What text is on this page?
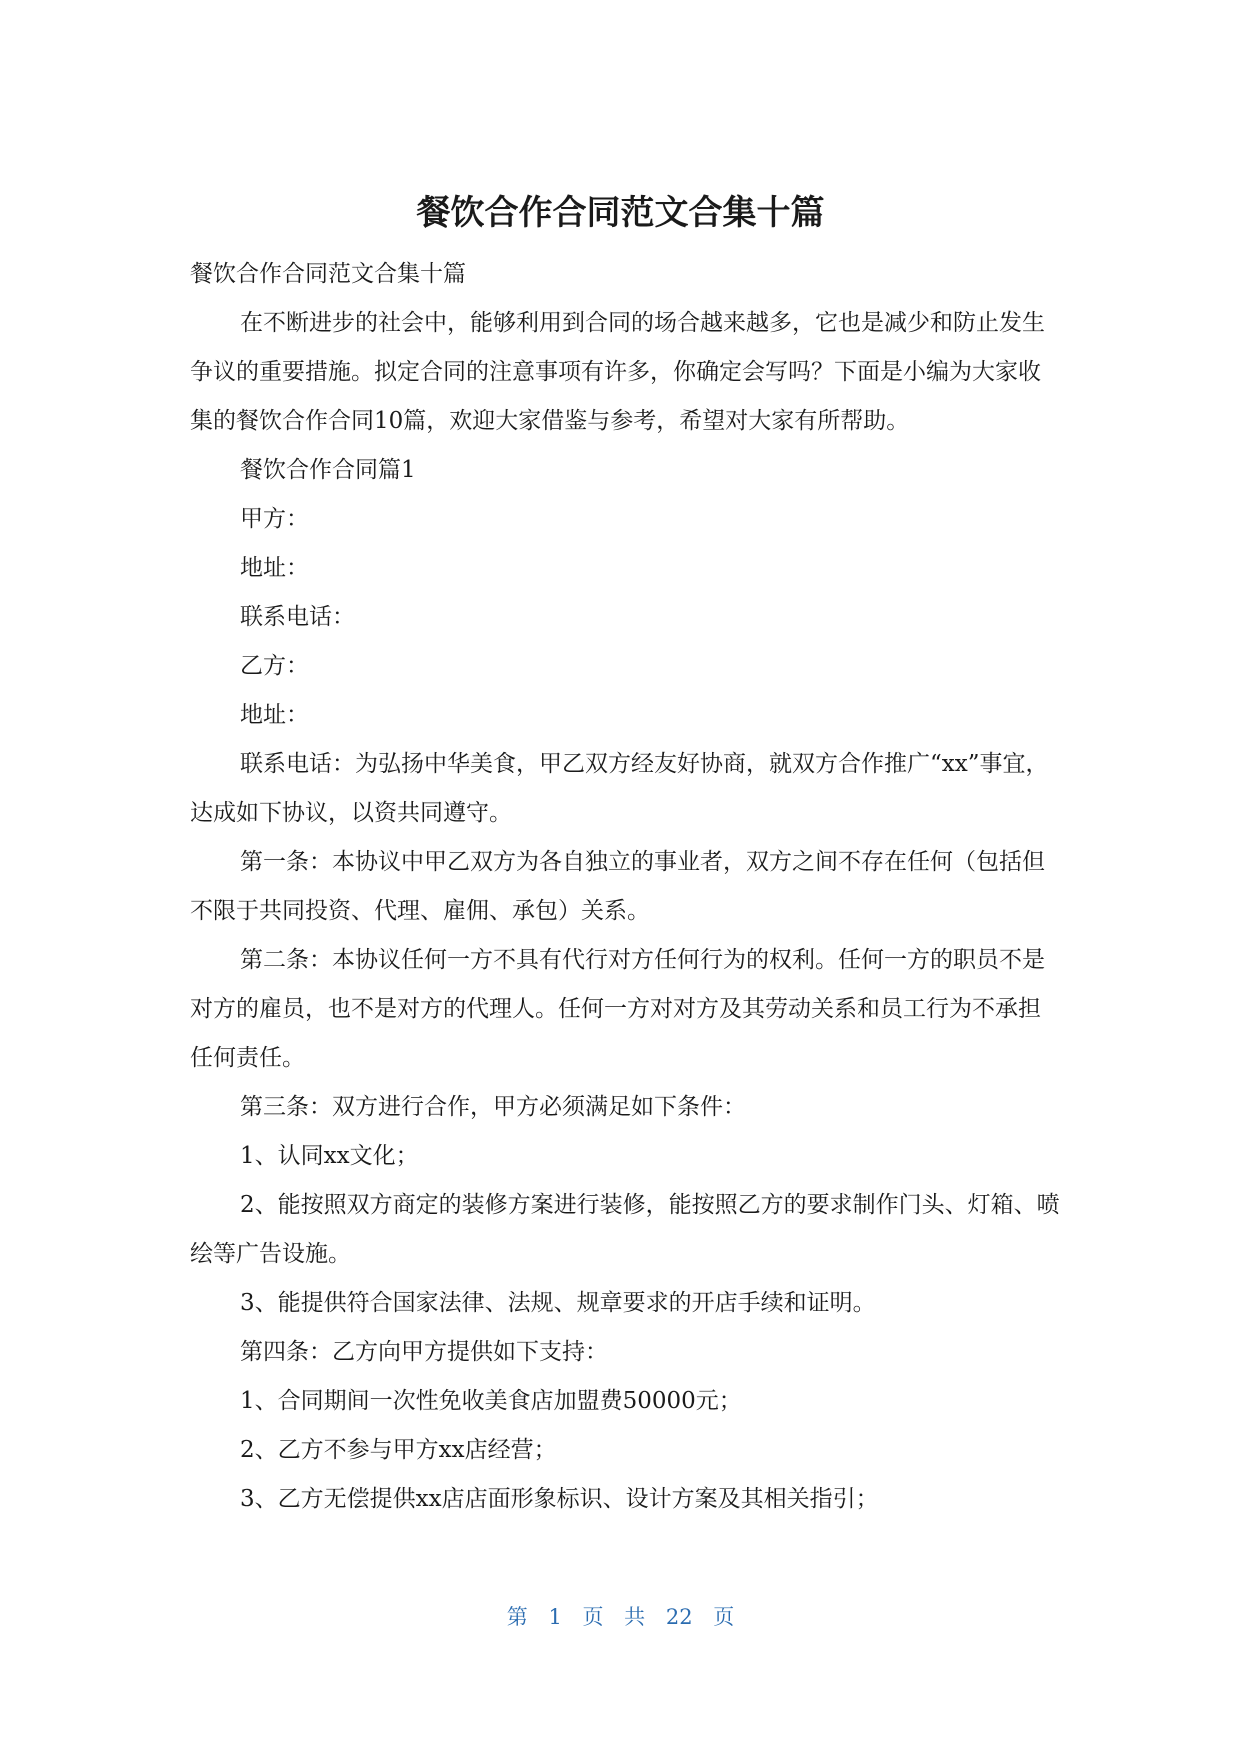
餐饮合作合同范文合集十篇

餐饮合作合同范文合集十篇

在不断进步的社会中，能够利用到合同的场合越来越多，它也是减少和防止发生争议的重要措施。拟定合同的注意事项有许多，你确定会写吗？下面是小编为大家收集的餐饮合作合同10篇，欢迎大家借鉴与参考，希望对大家有所帮助。

餐饮合作合同篇1

甲方：

地址：

联系电话：

乙方：

地址：

联系电话：为弘扬中华美食，甲乙双方经友好协商，就双方合作推广“xx”事宜，达成如下协议，以资共同遵守。

第一条：本协议中甲乙双方为各自独立的事业者，双方之间不存在任何（包括但不限于共同投资、代理、雇佣、承包）关系。

第二条：本协议任何一方不具有代行对方任何行为的权利。任何一方的职员不是对方的雇员，也不是对方的代理人。任何一方对对方及其劳动关系和员工行为不承担任何责任。

第三条：双方进行合作，甲方必须满足如下条件：

1、认同xx文化；

2、能按照双方商定的装修方案进行装修，能按照乙方的要求制作门头、灯箱、喷绘等广告设施。

3、能提供符合国家法律、法规、规章要求的开店手续和证明。

第四条：乙方向甲方提供如下支持：

1、合同期间一次性免收美食店加盟费50000元；

2、乙方不参与甲方xx店经营；

3、乙方无偿提供xx店店面形象标识、设计方案及其相关指引；

第 1 页 共 22 页
